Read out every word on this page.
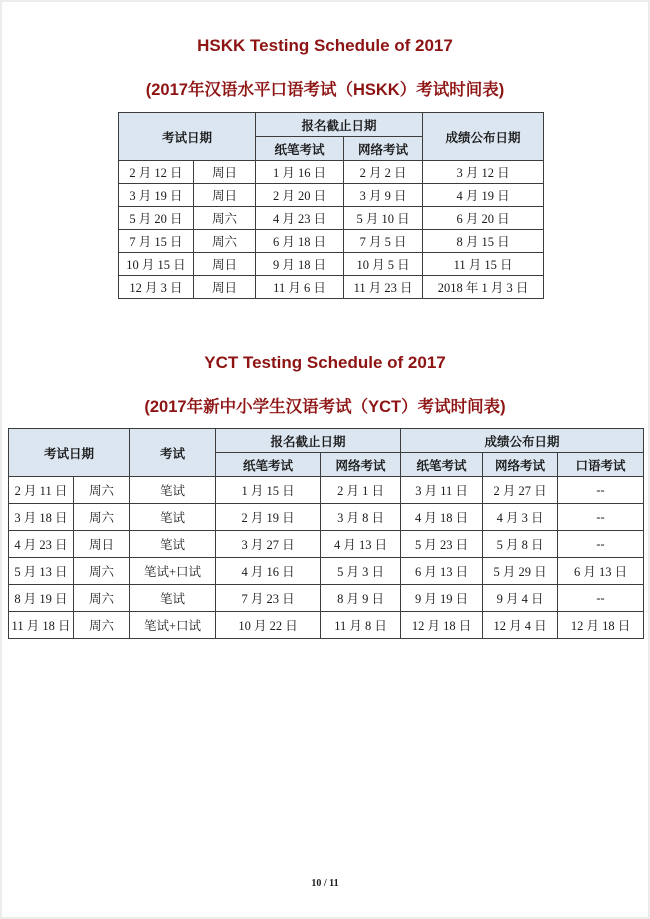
HSKK Testing Schedule of 2017
(2017年汉语水平口语考试（HSKK）考试时间表)
考试日期		报名截止日期		成绩公布日期
		纸笔考试	网络考试	
2 月 12 日	周日	1 月 16 日	2 月 2 日	3 月 12 日
3 月 19 日	周日	2 月 20 日	3 月 9 日	4 月 19 日
5 月 20 日	周六	4 月 23 日	5 月 10 日	6 月 20 日
7 月 15 日	周六	6 月 18 日	7 月 5 日	8 月 15 日
10 月 15 日	周日	9 月 18 日	10 月 5 日	11 月 15 日
12 月 3 日	周日	11 月 6 日	11 月 23 日	2018 年 1 月 3 日
YCT Testing Schedule of 2017
(2017年新中小学生汉语考试（YCT）考试时间表)
考试日期		考试	报名截止日期		成绩公布日期		
			纸笔考试	网络考试	纸笔考试	网络考试	口语考试
2 月 11 日	周六	笔试	1 月 15 日	2 月 1 日	3 月 11 日	2 月 27 日	--
3 月 18 日	周六	笔试	2 月 19 日	3 月 8 日	4 月 18 日	4 月 3 日	--
4 月 23 日	周日	笔试	3 月 27 日	4 月 13 日	5 月 23 日	5 月 8 日	--
5 月 13 日	周六	笔试+口试	4 月 16 日	5 月 3 日	6 月 13 日	5 月 29 日	6 月 13 日
8 月 19 日	周六	笔试	7 月 23 日	8 月 9 日	9 月 19 日	9 月 4 日	--
11 月 18 日	周六	笔试+口试	10 月 22 日	11 月 8 日	12 月 18 日	12 月 4 日	12 月 18 日
10 / 11
